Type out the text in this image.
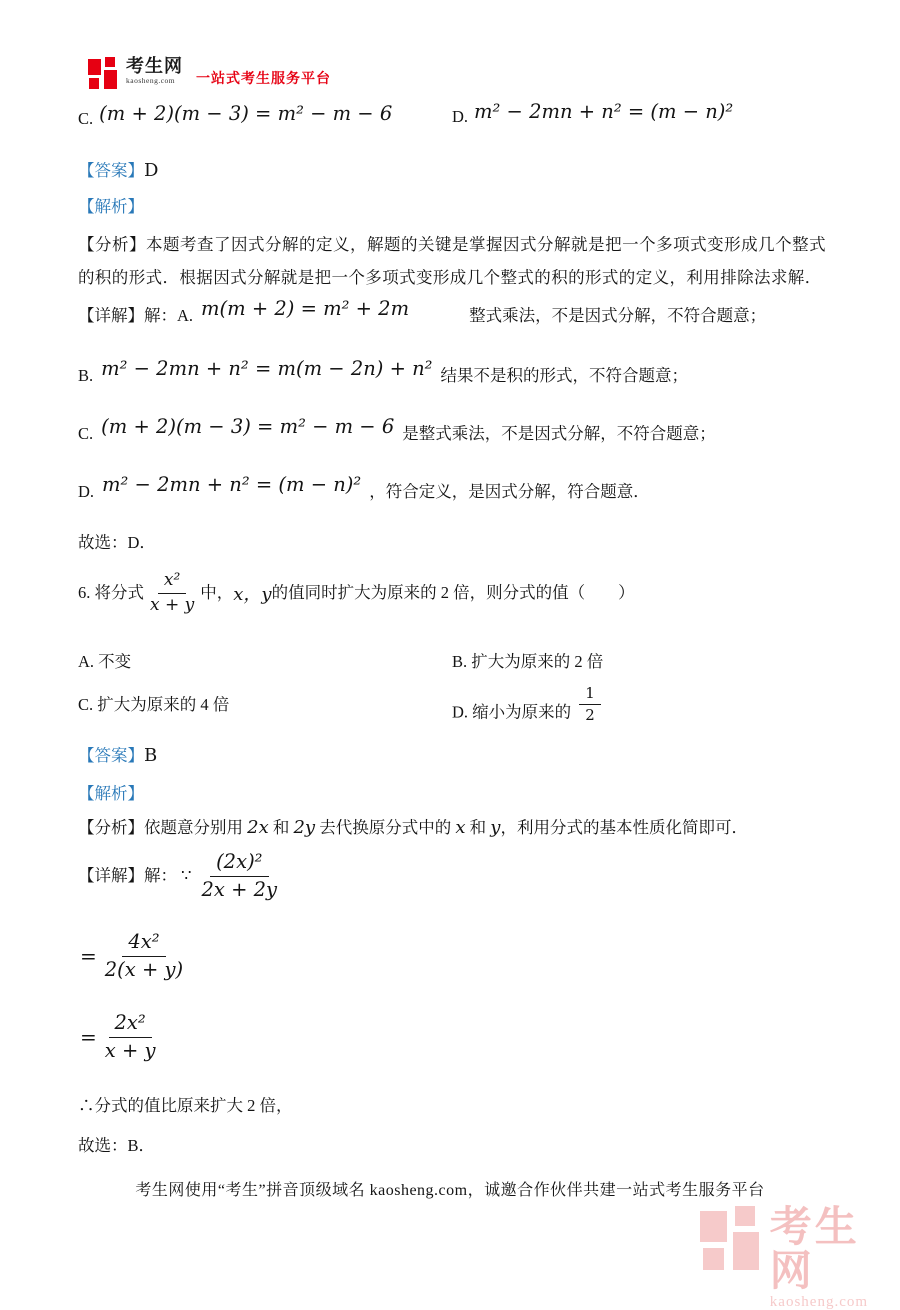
考生网
kaosheng.com	一站式考生服务平台
C. (m + 2)(m − 3) = m² − m − 6	D. m² − 2mn + n² = (m − n)²
【答案】D
【解析】
【分析】本题考查了因式分解的定义，解题的关键是掌握因式分解就是把一个多项式变形成几个整式的积的形式．根据因式分解就是把一个多项式变形成几个整式的积的形式的定义，利用排除法求解．
【详解】解：A. m(m + 2) = m² + 2m	整式乘法，不是因式分解，不符合题意；
B. m² − 2mn + n² = m(m − 2n) + n² 结果不是积的形式，不符合题意；
C. (m + 2)(m − 3) = m² − m − 6 是整式乘法，不是因式分解，不符合题意；
D. m² − 2mn + n² = (m − n)² ，符合定义，是因式分解，符合题意．
故选：D．
6. 将分式 $\frac{\text{x²}}{x + y}$ 中， x，y 的值同时扩大为原来的 2 倍，则分式的值（　　）
A. 不变	B. 扩大为原来的 2 倍
C. 扩大为原来的 4 倍	D. 缩小为原来的 $\frac{1}{2}$
【答案】B
【解析】
【分析】依题意分别用 2x 和 2y 去代换原分式中的 x 和 y，利用分式的基本性质化简即可．
【详解】解： ∵ $\frac{\text{(2x)²}}{2x + 2y}$
= $\frac{\text{4x²}}{2(x + y)}$
= $\frac{\text{2x²}}{x + y}$
∴分式的值比原来扩大 2 倍，
故选：B．
考生网使用“考生”拼音顶级域名 kaosheng.com，诚邀合作伙伴共建一站式考生服务平台
考生网
kaosheng.com
